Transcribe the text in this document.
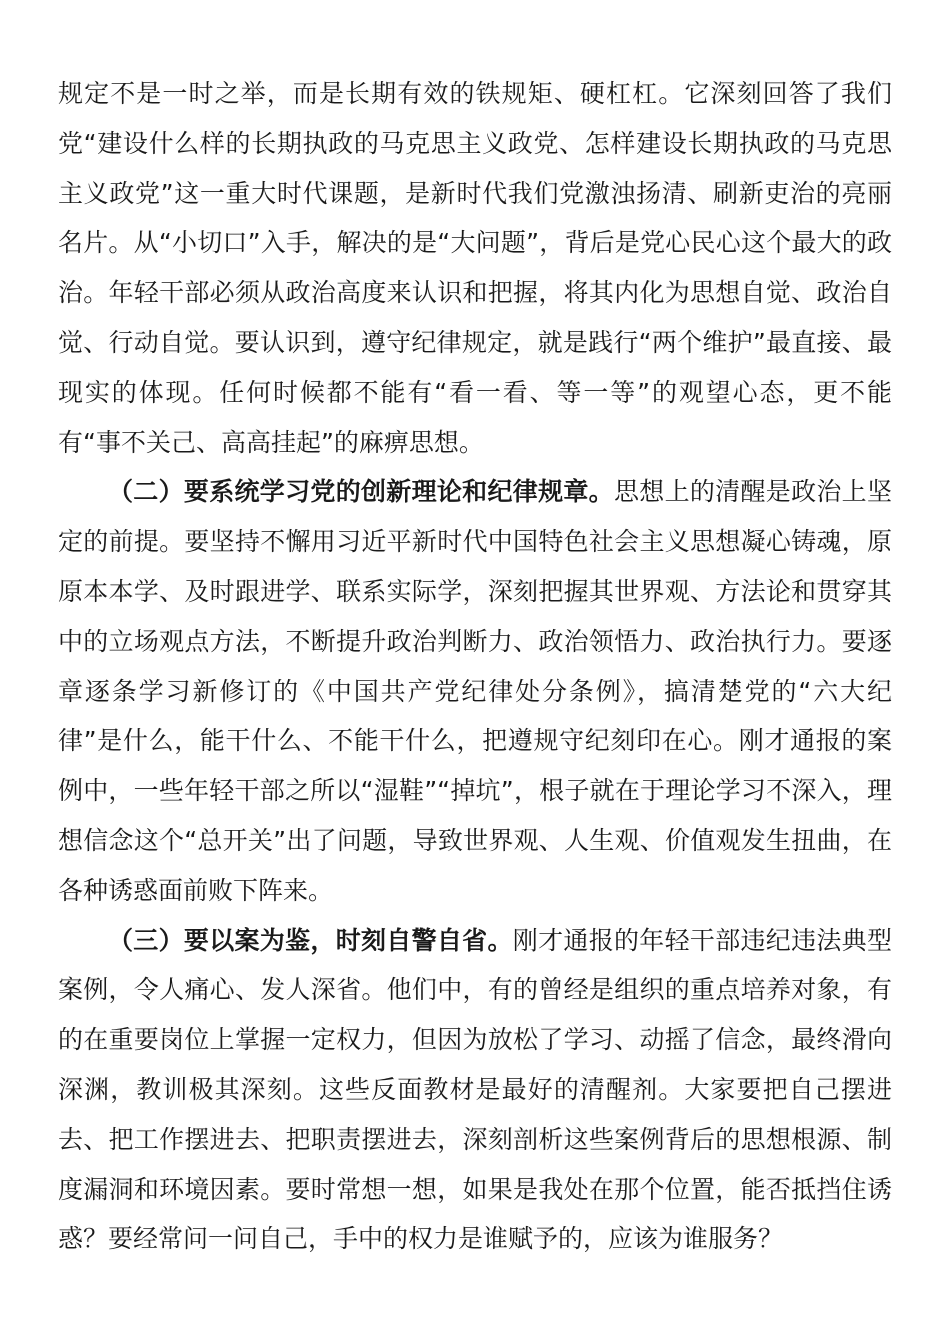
规定不是一时之举，而是长期有效的铁规矩、硬杠杠。它深刻回答了我们党“建设什么样的长期执政的马克思主义政党、怎样建设长期执政的马克思主义政党”这一重大时代课题，是新时代我们党激浊扬清、刷新吏治的亮丽名片。从“小切口”入手，解决的是“大问题”，背后是党心民心这个最大的政治。年轻干部必须从政治高度来认识和把握，将其内化为思想自觉、政治自觉、行动自觉。要认识到，遵守纪律规定，就是践行“两个维护”最直接、最现实的体现。任何时候都不能有“看一看、等一等”的观望心态，更不能有“事不关己、高高挂起”的麻痹思想。

（二）要系统学习党的创新理论和纪律规章。思想上的清醒是政治上坚定的前提。要坚持不懈用习近平新时代中国特色社会主义思想凝心铸魂，原原本本学、及时跟进学、联系实际学，深刻把握其世界观、方法论和贯穿其中的立场观点方法，不断提升政治判断力、政治领悟力、政治执行力。要逐章逐条学习新修订的《中国共产党纪律处分条例》，搞清楚党的“六大纪律”是什么，能干什么、不能干什么，把遵规守纪刻印在心。刚才通报的案例中，一些年轻干部之所以“湿鞋”“掉坑”，根子就在于理论学习不深入，理想信念这个“总开关”出了问题，导致世界观、人生观、价值观发生扭曲，在各种诱惑面前败下阵来。

（三）要以案为鉴，时刻自警自省。刚才通报的年轻干部违纪违法典型案例，令人痛心、发人深省。他们中，有的曾经是组织的重点培养对象，有的在重要岗位上掌握一定权力，但因为放松了学习、动摇了信念，最终滑向深渊，教训极其深刻。这些反面教材是最好的清醒剂。大家要把自己摆进去、把工作摆进去、把职责摆进去，深刻剖析这些案例背后的思想根源、制度漏洞和环境因素。要时常想一想，如果是我处在那个位置，能否抵挡住诱惑？要经常问一问自己，手中的权力是谁赋予的，应该为谁服务？
